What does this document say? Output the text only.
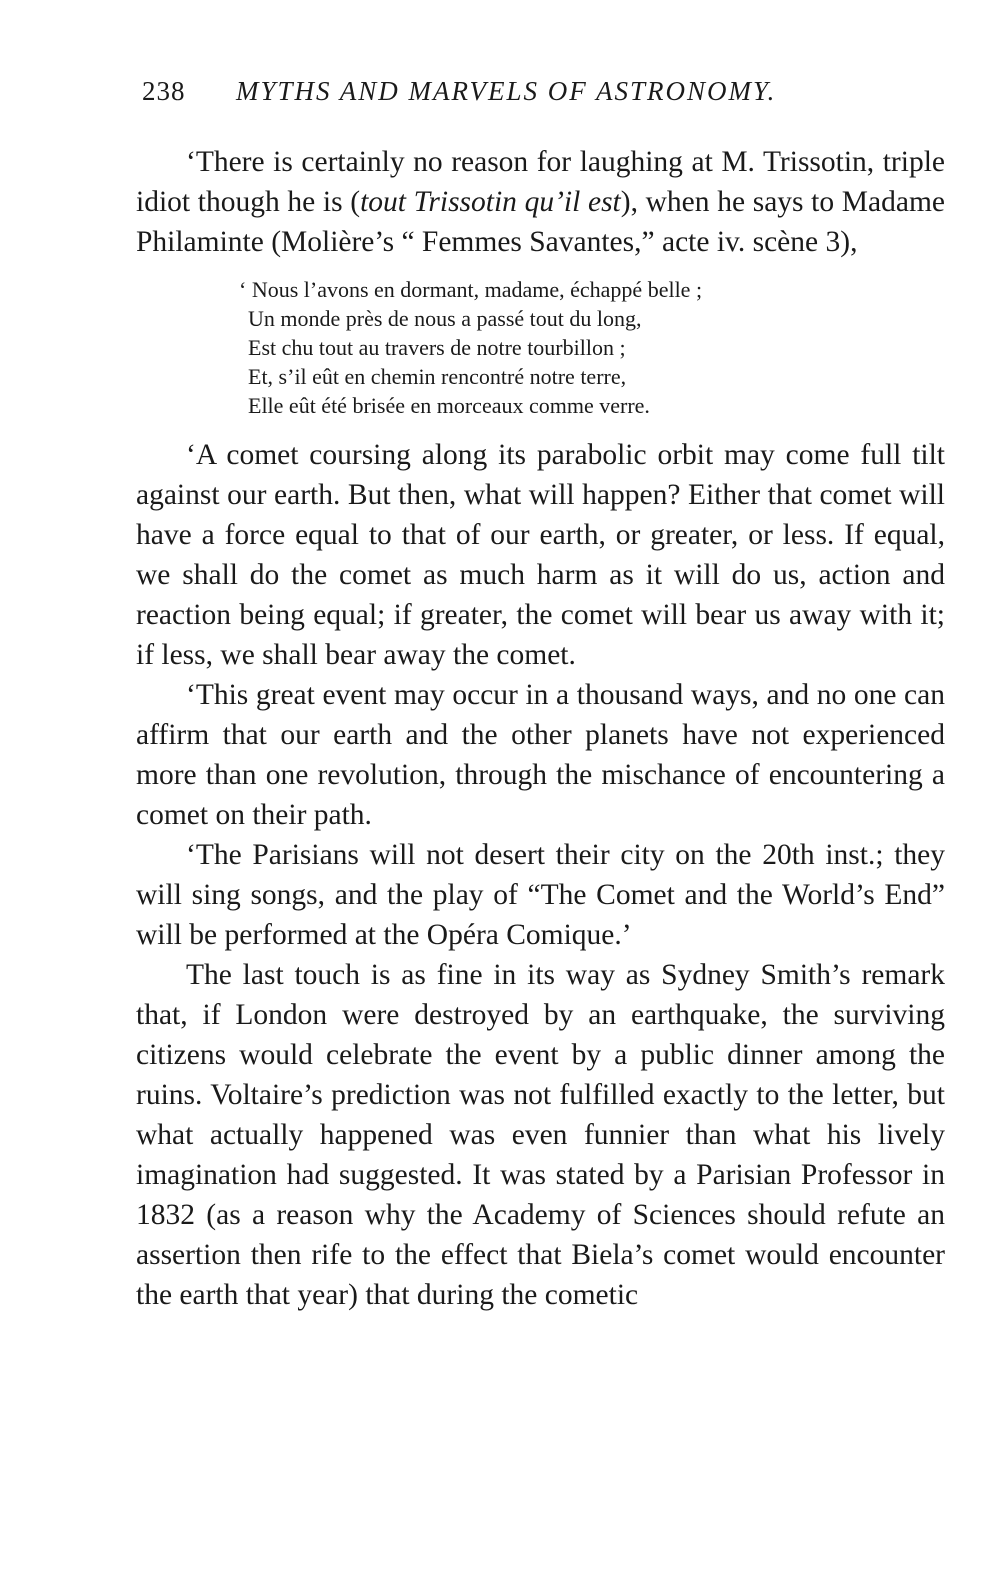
238 MYTHS AND MARVELS OF ASTRONOMY.

‘There is certainly no reason for laughing at M. Trissotin, triple idiot though he is (tout Trissotin qu’il est), when he says to Madame Philaminte (Molière’s “ Femmes Savantes,” acte iv. scène 3),

‘ Nous l’avons en dormant, madame, échappé belle ;
Un monde près de nous a passé tout du long,
Est chu tout au travers de notre tourbillon ;
Et, s’il eût en chemin rencontré notre terre,
Elle eût été brisée en morceaux comme verre.

‘A comet coursing along its parabolic orbit may come full tilt against our earth. But then, what will happen? Either that comet will have a force equal to that of our earth, or greater, or less. If equal, we shall do the comet as much harm as it will do us, action and reaction being equal; if greater, the comet will bear us away with it; if less, we shall bear away the comet.

‘This great event may occur in a thousand ways, and no one can affirm that our earth and the other planets have not experienced more than one revolution, through the mischance of encountering a comet on their path.

‘The Parisians will not desert their city on the 20th inst.; they will sing songs, and the play of “The Comet and the World’s End” will be performed at the Opéra Comique.’

The last touch is as fine in its way as Sydney Smith’s remark that, if London were destroyed by an earthquake, the surviving citizens would celebrate the event by a public dinner among the ruins. Voltaire’s prediction was not fulfilled exactly to the letter, but what actually happened was even funnier than what his lively imagination had suggested. It was stated by a Parisian Professor in 1832 (as a reason why the Academy of Sciences should refute an assertion then rife to the effect that Biela’s comet would encounter the earth that year) that during the cometic
